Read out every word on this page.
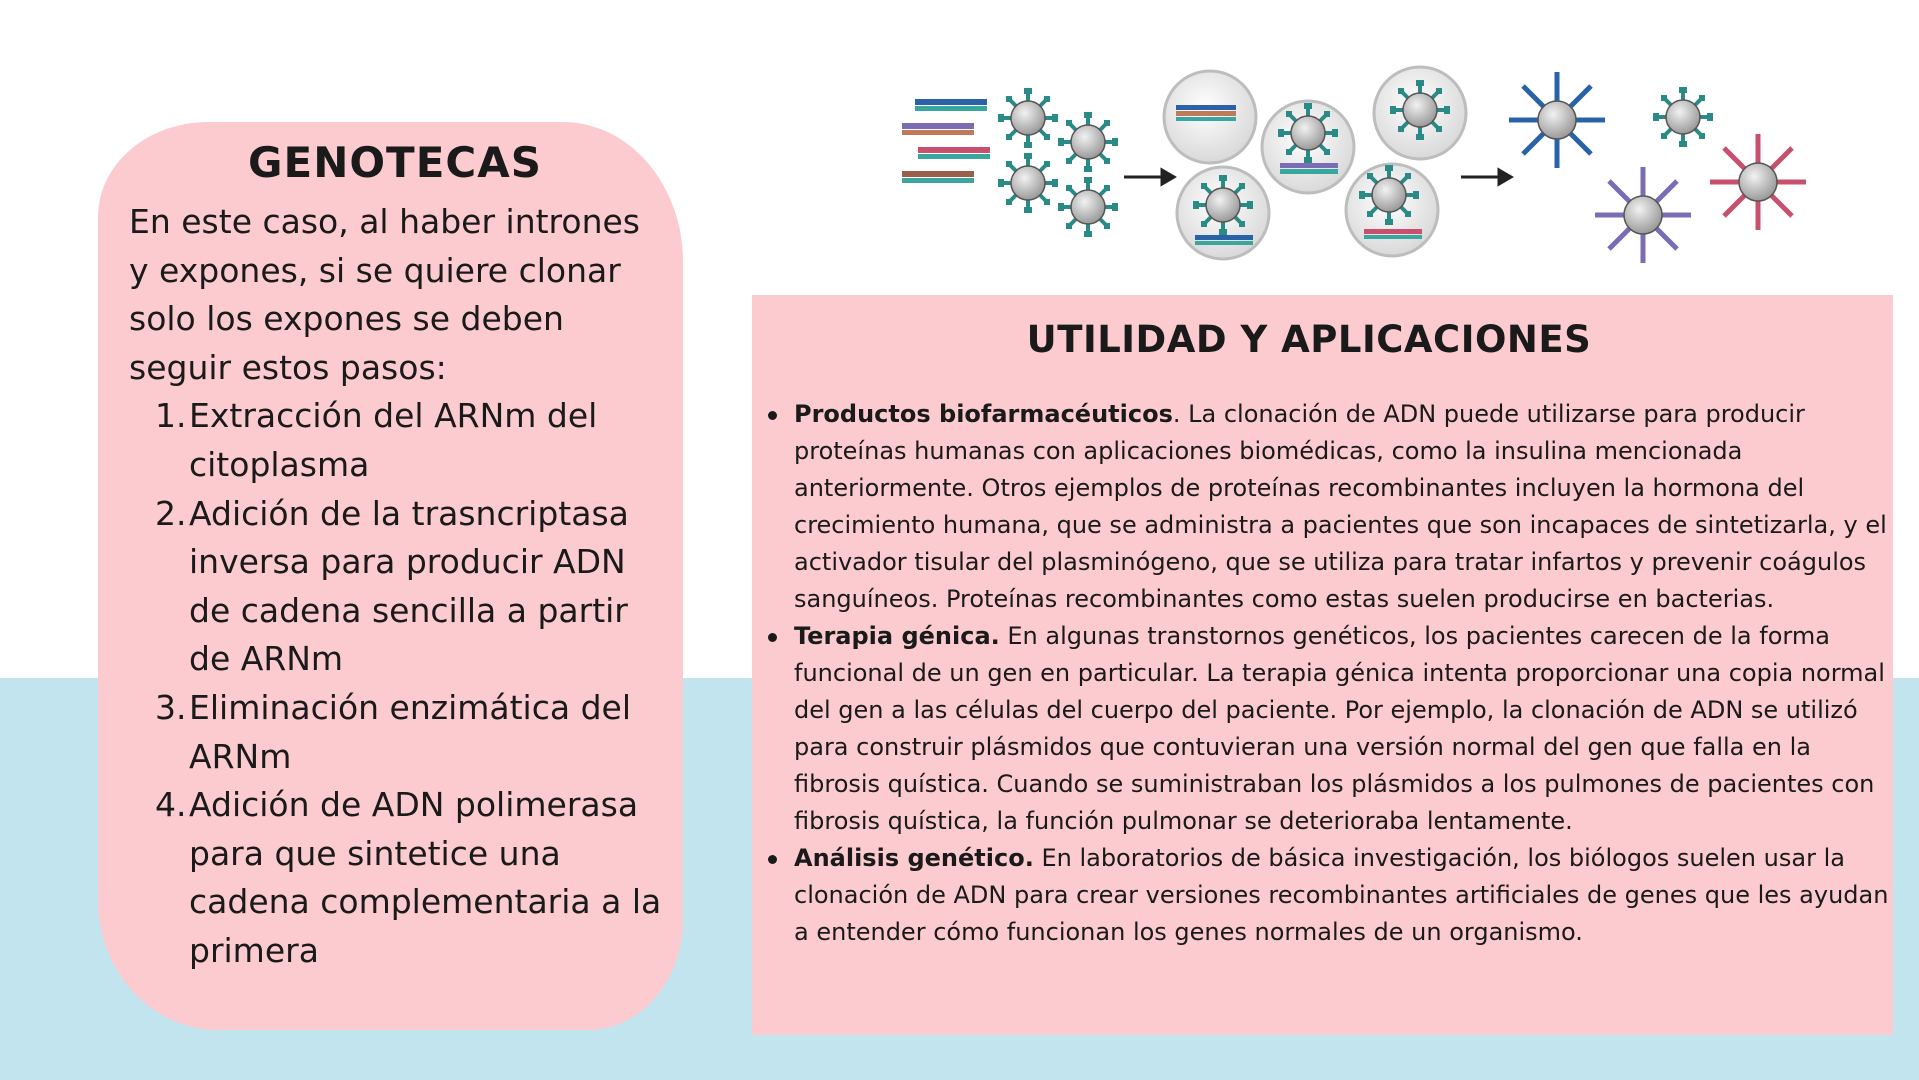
GENOTECAS

En este caso, al haber intrones y expones, si se quiere clonar solo los expones se deben seguir estos pasos:

1. Extracción del ARNm del citoplasma
2. Adición de la trasncriptasa inversa para producir ADN de cadena sencilla a partir de ARNm
3. Eliminación enzimática del ARNm
4. Adición de ADN polimerasa para que sintetice una cadena complementaria a la primera
UTILIDAD Y APLICACIONES
Productos biofarmacéuticos. La clonación de ADN puede utilizarse para producir proteínas humanas con aplicaciones biomédicas, como la insulina mencionada anteriormente. Otros ejemplos de proteínas recombinantes incluyen la hormona del crecimiento humana, que se administra a pacientes que son incapaces de sintetizarla, y el activador tisular del plasminógeno, que se utiliza para tratar infartos y prevenir coágulos sanguíneos. Proteínas recombinantes como estas suelen producirse en bacterias.
Terapia génica. En algunas transtornos genéticos, los pacientes carecen de la forma funcional de un gen en particular. La terapia génica intenta proporcionar una copia normal del gen a las células del cuerpo del paciente. Por ejemplo, la clonación de ADN se utilizó para construir plásmidos que contuvieran una versión normal del gen que falla en la fibrosis quística. Cuando se suministraban los plásmidos a los pulmones de pacientes con fibrosis quística, la función pulmonar se deterioraba lentamente.
Análisis genético. En laboratorios de básica investigación, los biólogos suelen usar la clonación de ADN para crear versiones recombinantes artificiales de genes que les ayudan a entender cómo funcionan los genes normales de un organismo.
